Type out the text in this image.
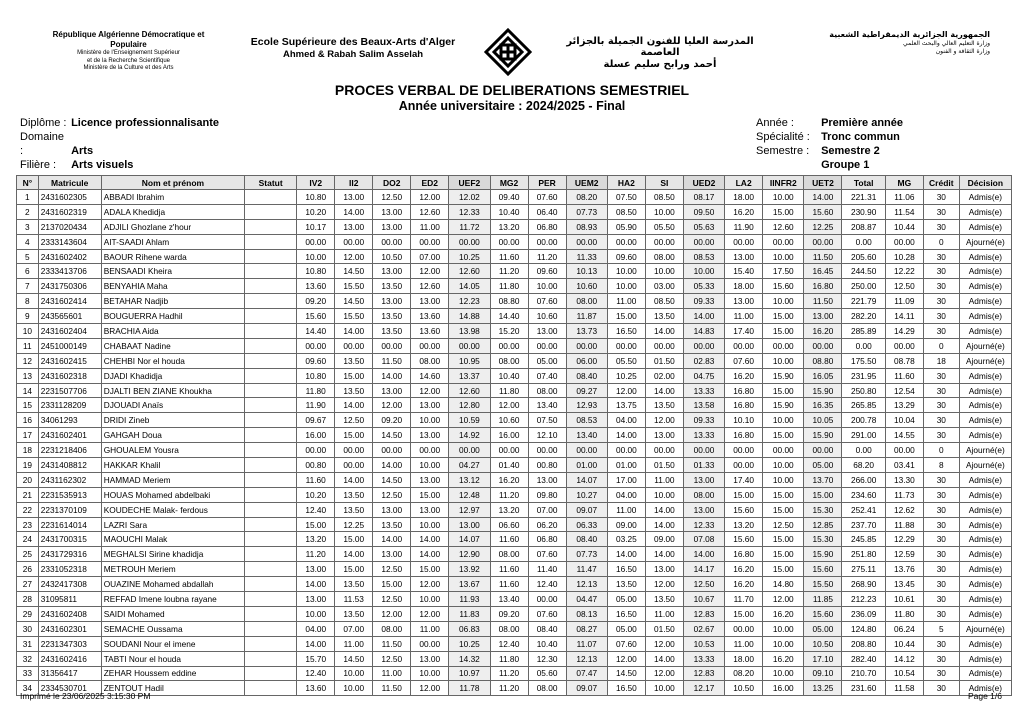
République Algérienne Démocratique et Populaire
Ministère de l'Enseignement Supérieur
et de la Recherche Scientifique
Ministère de la Culture et des Arts
Ecole Supérieure des Beaux-Arts d'Alger
Ahmed & Rabah Salim Asselah
المدرسة العليا للفنون الجميلة بالجزائر العاصمة
أحمد ورابح سليم عسلة
الجمهورية الجزائرية الديمقراطية الشعبية
وزارة التعليم العالي والبحث العلمي
وزارة الثقافة و الفنون
PROCES VERBAL DE DELIBERATIONS SEMESTRIEL
Année universitaire : 2024/2025 - Final
Diplôme : Licence professionnalisante
Domaine :	Arts
Filière : Arts visuels
Année : Première année
Spécialité : Tronc commun
Semestre : Semestre 2
Groupe 1
N°	Matricule	Nom et prénom	Statut	IV2	II2	DO2	ED2	UEF2	MG2	PER	UEM2	HA2	SI	UED2	LA2	IINFR2	UET2	Total	MG	Crédit	Décision
1	2431602305	ABBADI Ibrahim		10.80	13.00	12.50	12.00	12.02	09.40	07.60	08.20	07.50	08.50	08.17	18.00	10.00	14.00	221.31	11.06	30	Admis(e)
2	2431602319	ADALA Khedidja		10.20	14.00	13.00	12.60	12.33	10.40	06.40	07.73	08.50	10.00	09.50	16.20	15.00	15.60	230.90	11.54	30	Admis(e)
3	2137020434	ADJILI Ghozlane z'hour		10.17	13.00	13.00	11.00	11.72	13.20	06.80	08.93	05.90	05.50	05.63	11.90	12.60	12.25	208.87	10.44	30	Admis(e)
4	2333143604	AIT-SAADI Ahlam		00.00	00.00	00.00	00.00	00.00	00.00	00.00	00.00	00.00	00.00	00.00	00.00	00.00	00.00	0.00	00.00	0	Ajourné(e)
5	2431602402	BAOUR Rihene warda		10.00	12.00	10.50	07.00	10.25	11.60	11.20	11.33	09.60	08.00	08.53	13.00	10.00	11.50	205.60	10.28	30	Admis(e)
6	2333413706	BENSAADI Kheira		10.80	14.50	13.00	12.00	12.60	11.20	09.60	10.13	10.00	10.00	10.00	15.40	17.50	16.45	244.50	12.22	30	Admis(e)
7	2431750306	BENYAHIA Maha		13.60	15.50	13.50	12.60	14.05	11.80	10.00	10.60	10.00	03.00	05.33	18.00	15.60	16.80	250.00	12.50	30	Admis(e)
8	2431602414	BETAHAR Nadjib		09.20	14.50	13.00	13.00	12.23	08.80	07.60	08.00	11.00	08.50	09.33	13.00	10.00	11.50	221.79	11.09	30	Admis(e)
9	243565601	BOUGUERRA Hadhil		15.60	15.50	13.50	13.60	14.88	14.40	10.60	11.87	15.00	13.50	14.00	11.00	15.00	13.00	282.20	14.11	30	Admis(e)
10	2431602404	BRACHIA Aida		14.40	14.00	13.50	13.60	13.98	15.20	13.00	13.73	16.50	14.00	14.83	17.40	15.00	16.20	285.89	14.29	30	Admis(e)
11	2451000149	CHABAAT Nadine		00.00	00.00	00.00	00.00	00.00	00.00	00.00	00.00	00.00	00.00	00.00	00.00	00.00	00.00	0.00	00.00	0	Ajourné(e)
12	2431602415	CHEHBI Nor el houda		09.60	13.50	11.50	08.00	10.95	08.00	05.00	06.00	05.50	01.50	02.83	07.60	10.00	08.80	175.50	08.78	18	Ajourné(e)
13	2431602318	DJADI Khadidja		10.80	15.00	14.00	14.60	13.37	10.40	07.40	08.40	10.25	02.00	04.75	16.20	15.90	16.05	231.95	11.60	30	Admis(e)
14	2231507706	DJALTI BEN ZIANE Khoukha		11.80	13.50	13.00	12.00	12.60	11.80	08.00	09.27	12.00	14.00	13.33	16.80	15.00	15.90	250.80	12.54	30	Admis(e)
15	2331128209	DJOUADI Anaïs		11.90	14.00	12.00	13.00	12.80	12.00	13.40	12.93	13.75	13.50	13.58	16.80	15.90	16.35	265.85	13.29	30	Admis(e)
16	34061293	DRIDI Zineb		09.67	12.50	09.20	10.00	10.59	10.60	07.50	08.53	04.00	12.00	09.33	10.10	10.00	10.05	200.78	10.04	30	Admis(e)
17	2431602401	GAHGAH Doua		16.00	15.00	14.50	13.00	14.92	16.00	12.10	13.40	14.00	13.00	13.33	16.80	15.00	15.90	291.00	14.55	30	Admis(e)
18	2231218406	GHOUALEM Yousra		00.00	00.00	00.00	00.00	00.00	00.00	00.00	00.00	00.00	00.00	00.00	00.00	00.00	00.00	0.00	00.00	0	Ajourné(e)
19	2431408812	HAKKAR Khalil		00.80	00.00	14.00	10.00	04.27	01.40	00.80	01.00	01.00	01.50	01.33	00.00	10.00	05.00	68.20	03.41	8	Ajourné(e)
20	2431162302	HAMMAD Meriem		11.60	14.00	14.50	13.00	13.12	16.20	13.00	14.07	17.00	11.00	13.00	17.40	10.00	13.70	266.00	13.30	30	Admis(e)
21	2231535913	HOUAS Mohamed abdelbaki		10.20	13.50	12.50	15.00	12.48	11.20	09.80	10.27	04.00	10.00	08.00	15.00	15.00	15.00	234.60	11.73	30	Admis(e)
22	2231370109	KOUDECHE Malak- ferdous		12.40	13.50	13.00	13.00	12.97	13.20	07.00	09.07	11.00	14.00	13.00	15.60	15.00	15.30	252.41	12.62	30	Admis(e)
23	2231614014	LAZRI Sara		15.00	12.25	13.50	10.00	13.00	06.60	06.20	06.33	09.00	14.00	12.33	13.20	12.50	12.85	237.70	11.88	30	Admis(e)
24	2431700315	MAOUCHI Malak		13.20	15.00	14.00	14.00	14.07	11.60	06.80	08.40	03.25	09.00	07.08	15.60	15.00	15.30	245.85	12.29	30	Admis(e)
25	2431729316	MEGHALSI Sirine khadidja		11.20	14.00	13.00	14.00	12.90	08.00	07.60	07.73	14.00	14.00	14.00	16.80	15.00	15.90	251.80	12.59	30	Admis(e)
26	2331052318	METROUH Meriem		13.00	15.00	12.50	15.00	13.92	11.60	11.40	11.47	16.50	13.00	14.17	16.20	15.00	15.60	275.11	13.76	30	Admis(e)
27	2432417308	OUAZINE Mohamed abdallah		14.00	13.50	15.00	12.00	13.67	11.60	12.40	12.13	13.50	12.00	12.50	16.20	14.80	15.50	268.90	13.45	30	Admis(e)
28	31095811	REFFAD Imene loubna rayane		13.00	11.53	12.50	10.00	11.93	13.40	00.00	04.47	05.00	13.50	10.67	11.70	12.00	11.85	212.23	10.61	30	Admis(e)
29	2431602408	SAIDI Mohamed		10.00	13.50	12.00	12.00	11.83	09.20	07.60	08.13	16.50	11.00	12.83	15.00	16.20	15.60	236.09	11.80	30	Admis(e)
30	2431602301	SEMACHE Oussama		04.00	07.00	08.00	11.00	06.83	08.00	08.40	08.27	05.00	01.50	02.67	00.00	10.00	05.00	124.80	06.24	5	Ajourné(e)
31	2231347303	SOUDANI Nour el imene		14.00	11.00	11.50	00.00	10.25	12.40	10.40	11.07	07.60	12.00	10.53	11.00	10.00	10.50	208.80	10.44	30	Admis(e)
32	2431602416	TABTI Nour el houda		15.70	14.50	12.50	13.00	14.32	11.80	12.30	12.13	12.00	14.00	13.33	18.00	16.20	17.10	282.40	14.12	30	Admis(e)
33	31356417	ZEHAR Houssem eddine		12.40	10.00	11.00	10.00	10.97	11.20	05.60	07.47	14.50	12.00	12.83	08.20	10.00	09.10	210.70	10.54	30	Admis(e)
34	2334530701	ZENTOUT Hadil		13.60	10.00	11.50	12.00	11.78	11.20	08.00	09.07	16.50	10.00	12.17	10.50	16.00	13.25	231.60	11.58	30	Admis(e)
Imprimé le 23/06/2025 3:15:30 PM	Page 1/6
